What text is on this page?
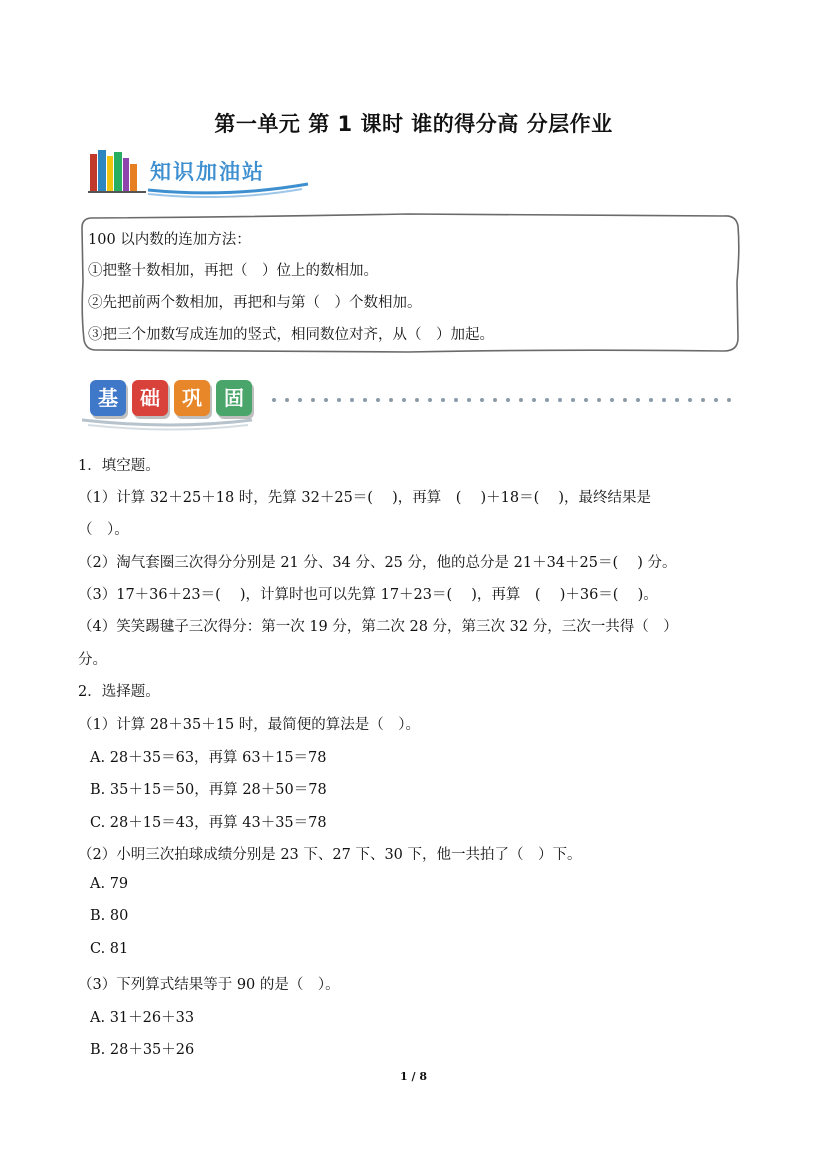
第一单元 第 1 课时 谁的得分高 分层作业
知识加油站
100 以内数的连加方法：
①把整十数相加，再把（　）位上的数相加。
②先把前两个数相加，再把和与第（　）个数相加。
③把三个加数写成连加的竖式，相同数位对齐，从（　）加起。
基	础	巩	固
1．填空题。
（1）计算 32＋25＋18 时，先算 32＋25＝(　 )，再算　(　 )＋18＝(　 )，最终结果是
（　）。
（2）淘气套圈三次得分分别是 21 分、34 分、25 分，他的总分是 21＋34＋25＝(　 ) 分。
（3）17＋36＋23＝(　 )，计算时也可以先算 17＋23＝(　 )，再算　(　 )＋36＝(　 )。
（4）笑笑踢毽子三次得分：第一次 19 分，第二次 28 分，第三次 32 分，三次一共得（　）
分。
2．选择题。
（1）计算 28＋35＋15 时，最简便的算法是（　）。
A. 28＋35＝63，再算 63＋15＝78
B. 35＋15＝50，再算 28＋50＝78
C. 28＋15＝43，再算 43＋35＝78
（2）小明三次拍球成绩分别是 23 下、27 下、30 下，他一共拍了（　）下。
A. 79
B. 80
C. 81
（3）下列算式结果等于 90 的是（　）。
A. 31＋26＋33
B. 28＋35＋26
1 / 8
